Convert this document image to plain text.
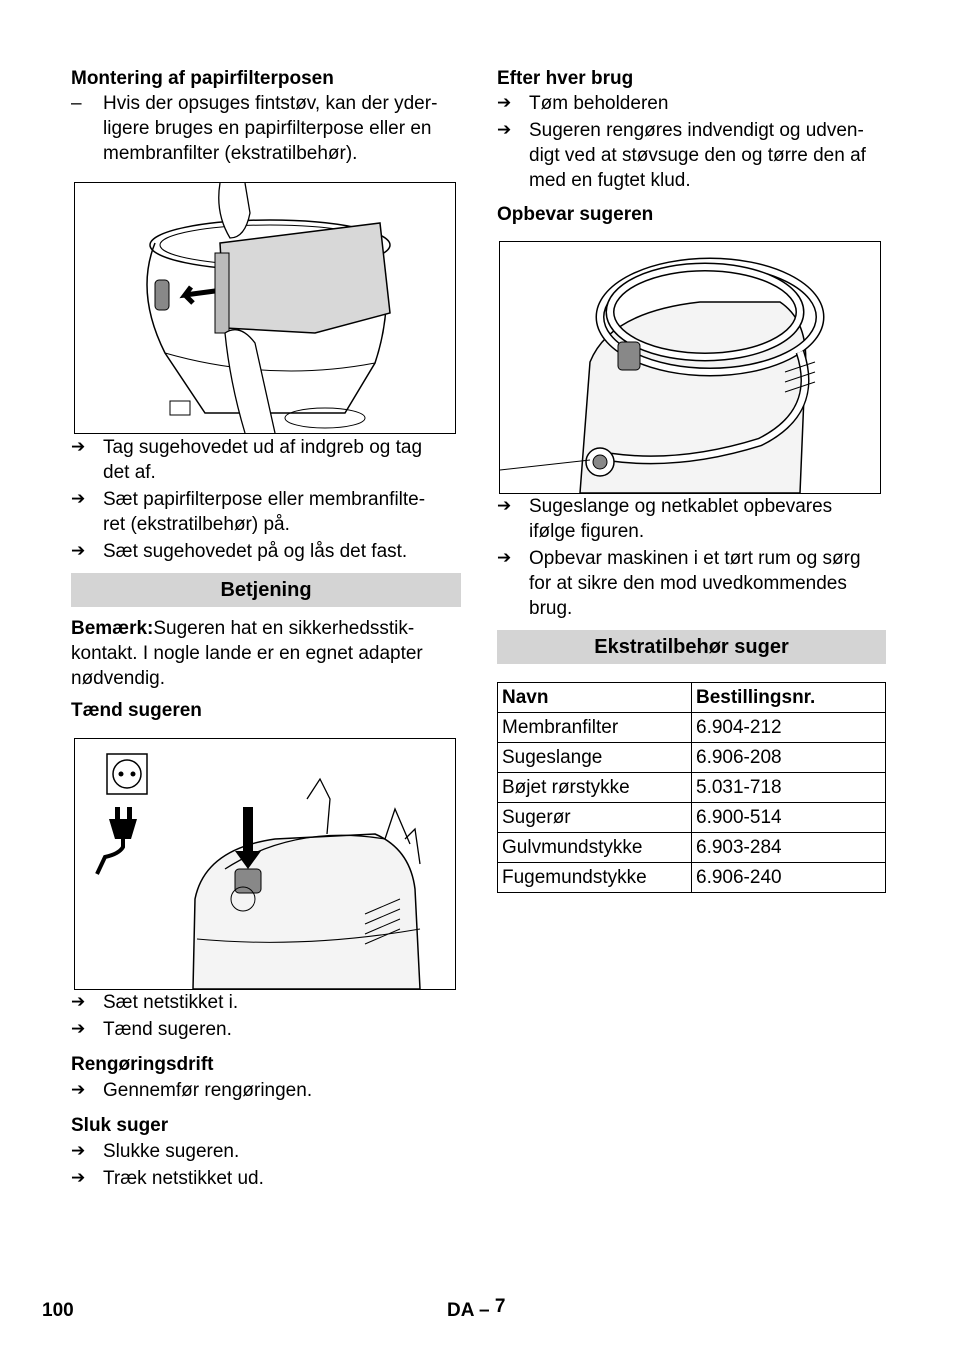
Montering af papirfilterposen
–	Hvis der opsuges fintstøv, kan der yder-
ligere bruges en papirfilterpose eller en
membranfilter (ekstratilbehør).
➔ Tag sugehovedet ud af indgreb og tag
det af.
➔ Sæt papirfilterpose eller membranfilte-
ret (ekstratilbehør) på.
➔ Sæt sugehovedet på og lås det fast.
Betjening

Bemærk:Sugeren hat en sikkerhedsstik-
kontakt. I nogle lande er en egnet adapter
nødvendig.

Tænd sugeren
➔ Sæt netstikket i.
➔ Tænd sugeren.
Rengøringsdrift
➔ Gennemfør rengøringen.
Sluk suger
➔ Slukke sugeren.
➔ Træk netstikket ud.
Efter hver brug
➔ Tøm beholderen
➔ Sugeren rengøres indvendigt og udven-
digt ved at støvsuge den og tørre den af
med en fugtet klud.
Opbevar sugeren
➔ Sugeslange og netkablet opbevares
ifølge figuren.
➔ Opbevar maskinen i et tørt rum og sørg
for at sikre den mod uvedkommendes
brug.
Ekstratilbehør suger
Navn	Bestillingsnr.
Membranfilter	6.904-212
Sugeslange	6.906-208
Bøjet rørstykke	5.031-718
Sugerør	6.900-514
Gulvmundstykke	6.903-284
Fugemundstykke	6.906-240
100	DA – 7
